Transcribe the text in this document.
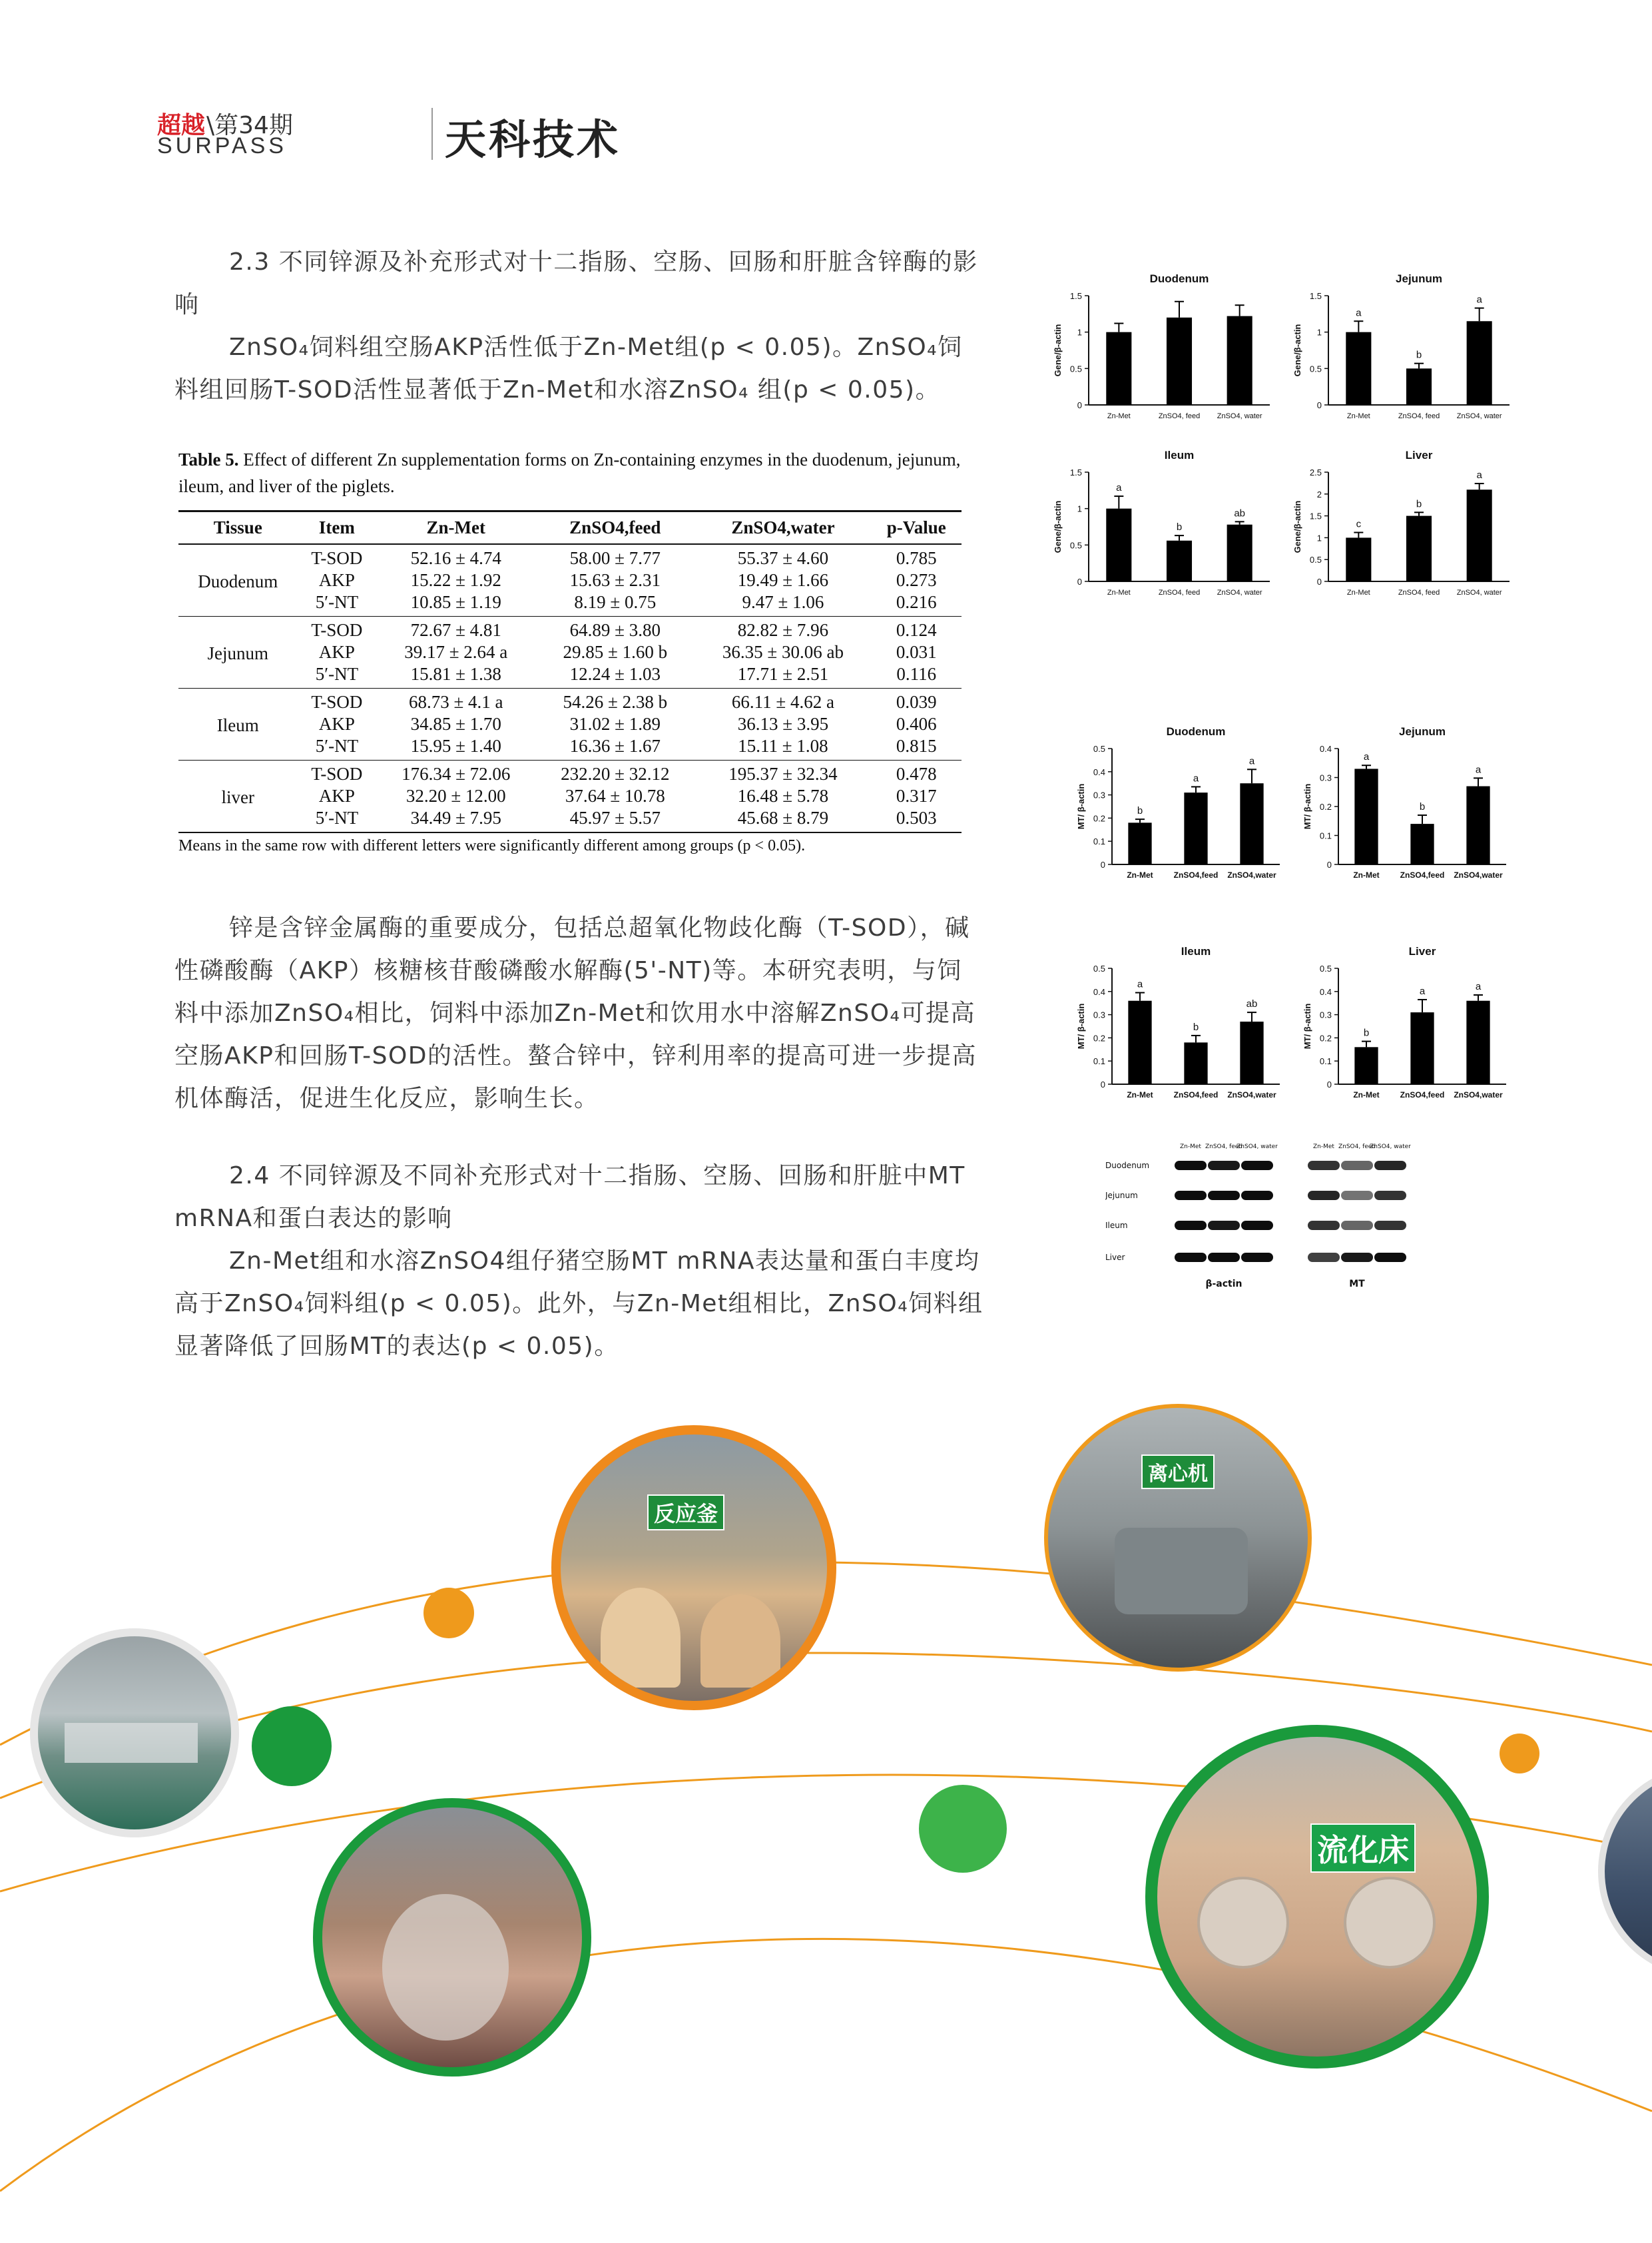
超越 \第34期
SURPASS	天科技术

2.3 不同锌源及补充形式对十二指肠、空肠、回肠和肝脏含锌酶的影响

ZnSO₄饲料组空肠AKP活性低于Zn-Met组(p < 0.05)。ZnSO₄饲料组回肠T-SOD活性显著低于Zn-Met和水溶ZnSO₄ 组(p < 0.05)。

Table 5. Effect of different Zn supplementation forms on Zn-containing enzymes in the duodenum, jejunum, ileum, and liver of the piglets.

Tissue	Item	Zn-Met	ZnSO4,feed	ZnSO4,water	p-Value
Duodenum	T-SOD	52.16 ± 4.74	58.00 ± 7.77	55.37 ± 4.60	0.785
	AKP	15.22 ± 1.92	15.63 ± 2.31	19.49 ± 1.66	0.273
	5′-NT	10.85 ± 1.19	8.19 ± 0.75	9.47 ± 1.06	0.216
Jejunum	T-SOD	72.67 ± 4.81	64.89 ± 3.80	82.82 ± 7.96	0.124
	AKP	39.17 ± 2.64 a	29.85 ± 1.60 b	36.35 ± 30.06 ab	0.031
	5′-NT	15.81 ± 1.38	12.24 ± 1.03	17.71 ± 2.51	0.116
Ileum	T-SOD	68.73 ± 4.1 a	54.26 ± 2.38 b	66.11 ± 4.62 a	0.039
	AKP	34.85 ± 1.70	31.02 ± 1.89	36.13 ± 3.95	0.406
	5′-NT	15.95 ± 1.40	16.36 ± 1.67	15.11 ± 1.08	0.815
liver	T-SOD	176.34 ± 72.06	232.20 ± 32.12	195.37 ± 32.34	0.478
	AKP	32.20 ± 12.00	37.64 ± 10.78	16.48 ± 5.78	0.317
	5′-NT	34.49 ± 7.95	45.97 ± 5.57	45.68 ± 8.79	0.503
Means in the same row with different letters were significantly different among groups (p < 0.05).

锌是含锌金属酶的重要成分，包括总超氧化物歧化酶（T-SOD），碱性磷酸酶（AKP）核糖核苷酸磷酸水解酶(5'-NT)等。本研究表明，与饲料中添加ZnSO₄相比，饲料中添加Zn-Met和饮用水中溶解ZnSO₄可提高空肠AKP和回肠T-SOD的活性。螯合锌中，锌利用率的提高可进一步提高机体酶活，促进生化反应，影响生长。

2.4 不同锌源及不同补充形式对十二指肠、空肠、回肠和肝脏中MT mRNA和蛋白表达的影响

Zn-Met组和水溶ZnSO4组仔猪空肠MT mRNA表达量和蛋白丰度均高于ZnSO₄饲料组(p < 0.05)。此外，与Zn-Met组相比，ZnSO₄饲料组显著降低了回肠MT的表达(p < 0.05)。

Duodenum
0
0.5
1
1.5
Gene/β-actin
Zn-Met	ZnSO4, feed ZnSO4, water
Jejunum
0
0.5
1
1.5
Gene/β-actin
a
Zn-Met
b
ZnSO4, feed
a
ZnSO4, water
Ileum
0
0.5
1
1.5
Gene/β-actin
a
Zn-Met
b
ZnSO4, feed
ab
ZnSO4, water
Liver
0
0.5
1
1.5
2
2.5
Gene/β-actin	c
Zn-Met
b
ZnSO4, feed
a
ZnSO4, water
Duodenum
0
0.1
0.2
0.3
0.4
0.5
MT/ β-actin	b
Zn-Met
a
ZnSO4,feed
a
ZnSO4,water
Jejunum
0
0.1
0.2
0.3
0.4
MT/ β-actin
a
Zn-Met
b
ZnSO4,feed
a
ZnSO4,water
Ileum
0
0.1
0.2
0.3
0.4
0.5
MT/ β-actin
a
Zn-Met
b
ZnSO4,feed
ab
ZnSO4,water
Liver
0
0.1
0.2
0.3
0.4
0.5
MT/ β-actin	b
Zn-Met
a
ZnSO4,feed
a
ZnSO4,water
Zn-Met ZnSO4, feed
ZnSO4, water	Zn-Met ZnSO4, feed
ZnSO4, water
Duodenum
Jejunum
Ileum
Liver
β-actin	MT
反应釜
离心机
流化床
